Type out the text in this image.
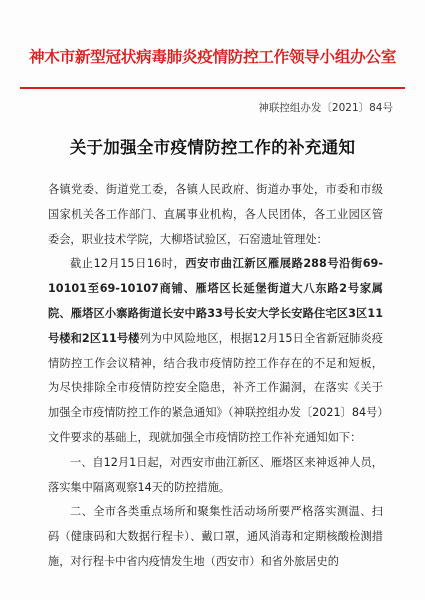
神木市新型冠状病毒肺炎疫情防控工作领导小组办公室
神联控组办发〔2021〕84号
关于加强全市疫情防控工作的补充通知

各镇党委、街道党工委，各镇人民政府、街道办事处，市委和市级国家机关各工作部门、直属事业机构，各人民团体，各工业园区管委会，职业技术学院，大柳塔试验区，石窑遗址管理处：

截止12月15日16时，西安市曲江新区雁展路288号沿街69-10101至69-10107商铺、雁塔区长延堡街道大八东路2号家属院、雁塔区小寨路街道长安中路33号长安大学长安路住宅区3区11号楼和2区11号楼列为中风险地区，根据12月15日全省新冠肺炎疫情防控工作会议精神，结合我市疫情防控工作存在的不足和短板，为尽快排除全市疫情防控安全隐患，补齐工作漏洞，在落实《关于加强全市疫情防控工作的紧急通知》（神联控组办发〔2021〕84号）文件要求的基础上，现就加强全市疫情防控工作补充通知如下：

一、自12月1日起，对西安市曲江新区、雁塔区来神返神人员，落实集中隔离观察14天的防控措施。

二、全市各类重点场所和聚集性活动场所要严格落实测温、扫码（健康码和大数据行程卡）、戴口罩，通风消毒和定期核酸检测措施，对行程卡中省内疫情发生地（西安市）和省外旅居史的
